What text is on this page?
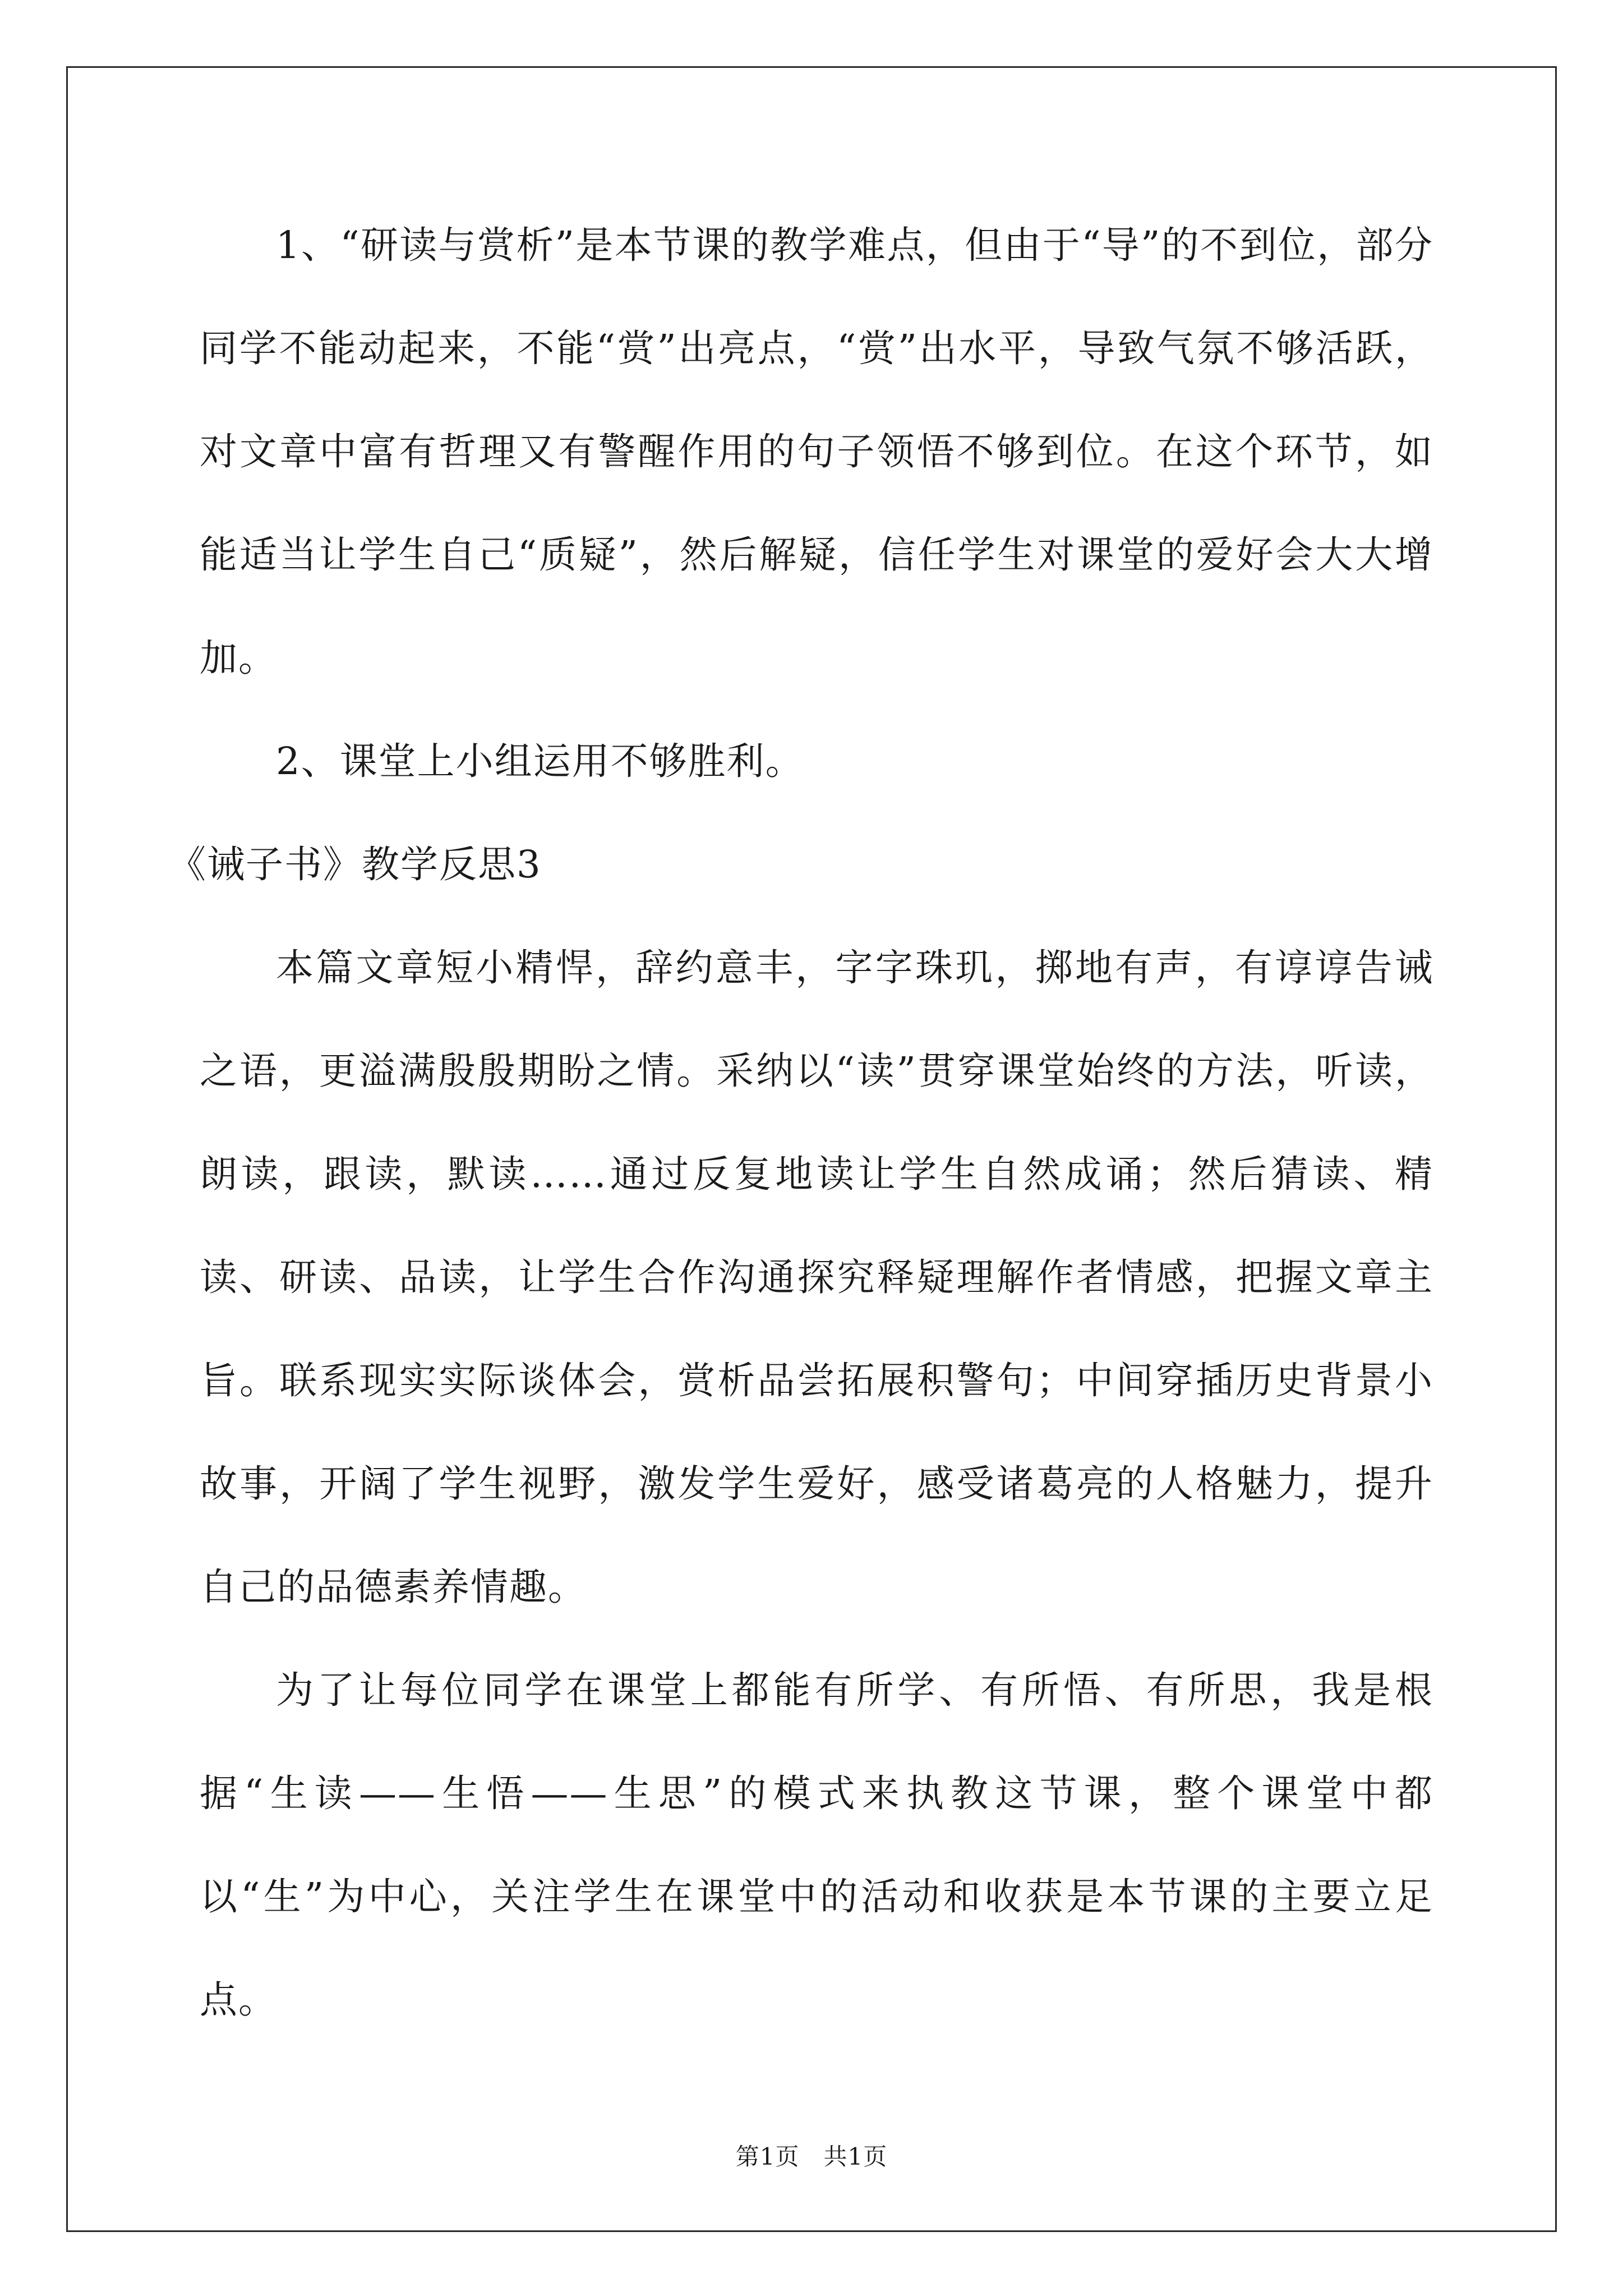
1、“研读与赏析”是本节课的教学难点，但由于“导”的不到位，部分同学不能动起来，不能“赏”出亮点，“赏”出水平，导致气氛不够活跃，对文章中富有哲理又有警醒作用的句子领悟不够到位。在这个环节，如能适当让学生自己“质疑”，然后解疑，信任学生对课堂的爱好会大大增加。

2、课堂上小组运用不够胜利。

《诫子书》教学反思3

本篇文章短小精悍，辞约意丰，字字珠玑，掷地有声，有谆谆告诫之语，更溢满殷殷期盼之情。采纳以“读”贯穿课堂始终的方法，听读，朗读，跟读，默读……通过反复地读让学生自然成诵；然后猜读、精读、研读、品读，让学生合作沟通探究释疑理解作者情感，把握文章主旨。联系现实实际谈体会，赏析品尝拓展积警句；中间穿插历史背景小故事，开阔了学生视野，激发学生爱好，感受诸葛亮的人格魅力，提升自己的品德素养情趣。

为了让每位同学在课堂上都能有所学、有所悟、有所思，我是根据“生读——生悟——生思”的模式来执教这节课，整个课堂中都以“生”为中心，关注学生在课堂中的活动和收获是本节课的主要立足点。

第1页　共1页
